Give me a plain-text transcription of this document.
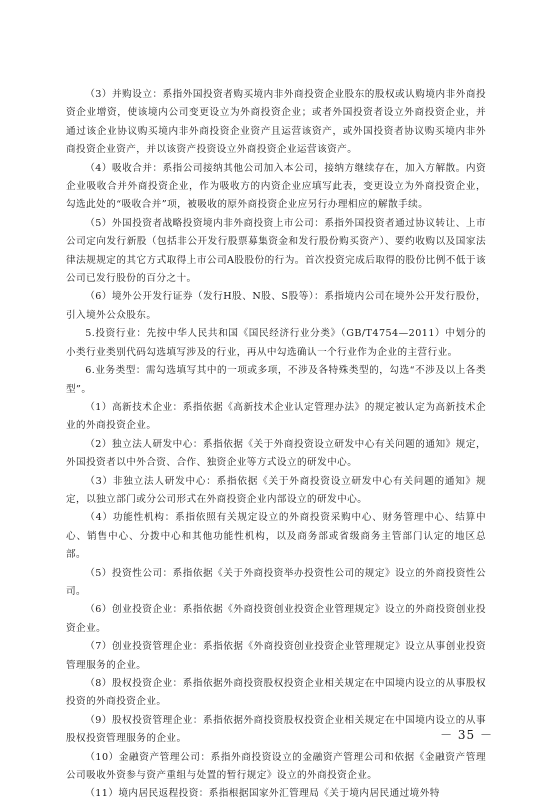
（3）并购设立：系指外国投资者购买境内非外商投资企业股东的股权或认购境内非外商投资企业增资，使该境内公司变更设立为外商投资企业；或者外国投资者设立外商投资企业，并通过该企业协议购买境内非外商投资企业资产且运营该资产，或外国投资者协议购买境内非外商投资企业资产，并以该资产投资设立外商投资企业运营该资产。

（4）吸收合并：系指公司接纳其他公司加入本公司，接纳方继续存在，加入方解散。内资企业吸收合并外商投资企业，作为吸收方的内资企业应填写此表，变更设立为外商投资企业，勾选此处的“吸收合并”项，被吸收的原外商投资企业应另行办理相应的解散手续。

（5）外国投资者战略投资境内非外商投资上市公司：系指外国投资者通过协议转让、上市公司定向发行新股（包括非公开发行股票募集资金和发行股份购买资产）、要约收购以及国家法律法规规定的其它方式取得上市公司A股股份的行为。首次投资完成后取得的股份比例不低于该公司已发行股份的百分之十。

（6）境外公开发行证券（发行H股、N股、S股等）：系指境内公司在境外公开发行股份，引入境外公众股东。

5.投资行业：先按中华人民共和国《国民经济行业分类》（GB/T4754—2011）中划分的小类行业类别代码勾选填写涉及的行业，再从中勾选确认一个行业作为企业的主营行业。

6.业务类型：需勾选填写其中的一项或多项，不涉及各特殊类型的，勾选“不涉及以上各类型”。

（1）高新技术企业：系指依据《高新技术企业认定管理办法》的规定被认定为高新技术企业的外商投资企业。

（2）独立法人研发中心：系指依据《关于外商投资设立研发中心有关问题的通知》规定，外国投资者以中外合资、合作、独资企业等方式设立的研发中心。

（3）非独立法人研发中心：系指依据《关于外商投资设立研发中心有关问题的通知》规定，以独立部门或分公司形式在外商投资企业内部设立的研发中心。

（4）功能性机构：系指依照有关规定设立的外商投资采购中心、财务管理中心、结算中心、销售中心、分拨中心和其他功能性机构，以及商务部或省级商务主管部门认定的地区总部。

（5）投资性公司：系指依据《关于外商投资举办投资性公司的规定》设立的外商投资性公司。

（6）创业投资企业：系指依据《外商投资创业投资企业管理规定》设立的外商投资创业投资企业。

（7）创业投资管理企业：系指依据《外商投资创业投资企业管理规定》设立从事创业投资管理服务的企业。

（8）股权投资企业：系指依据外商投资股权投资企业相关规定在中国境内设立的从事股权投资的外商投资企业。

（9）股权投资管理企业：系指依据外商投资股权投资企业相关规定在中国境内设立的从事股权投资管理服务的企业。

（10）金融资产管理公司：系指外商投资设立的金融资产管理公司和依据《金融资产管理公司吸收外资参与资产重组与处置的暂行规定》设立的外商投资企业。

（11）境内居民返程投资：系指根据国家外汇管理局《关于境内居民通过境外特

－ 35 －
